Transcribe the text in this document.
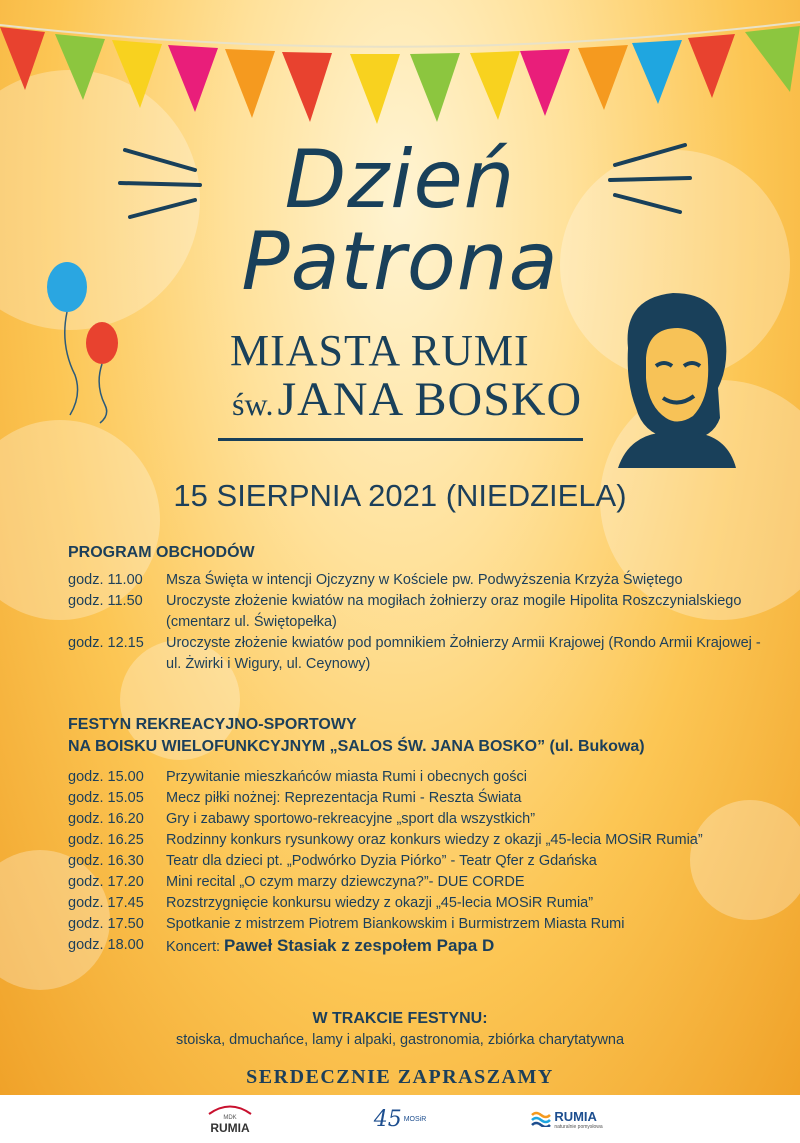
Dzień
Patrona
MIASTA RUMI
św. JANA BOSKO
15 SIERPNIA 2021 (NIEDZIELA)
PROGRAM OBCHODÓW
godz. 11.00	Msza Święta w intencji Ojczyzny w Kościele pw. Podwyższenia Krzyża Świętego
godz. 11.50	Uroczyste złożenie kwiatów na mogiłach żołnierzy oraz mogile Hipolita Roszczynialskiego (cmentarz ul. Świętopełka)
godz. 12.15	Uroczyste złożenie kwiatów pod pomnikiem Żołnierzy Armii Krajowej (Rondo Armii Krajowej - ul. Żwirki i Wigury, ul. Ceynowy)
FESTYN REKREACYJNO-SPORTOWY
NA BOISKU WIELOFUNKCYJNYM „SALOS ŚW. JANA BOSKO” (ul. Bukowa)
godz. 15.00	Przywitanie mieszkańców miasta Rumi i obecnych gości
godz. 15.05	Mecz piłki nożnej: Reprezentacja Rumi - Reszta Świata
godz. 16.20	Gry i zabawy sportowo-rekreacyjne „sport dla wszystkich”
godz. 16.25	Rodzinny konkurs rysunkowy oraz konkurs wiedzy z okazji „45-lecia MOSiR Rumia”
godz. 16.30	Teatr dla dzieci pt. „Podwórko Dyzia Piórko” - Teatr Qfer z Gdańska
godz. 17.20	Mini recital „O czym marzy dziewczyna?”- DUE CORDE
godz. 17.45	Rozstrzygnięcie konkursu wiedzy z okazji „45-lecia MOSiR Rumia”
godz. 17.50	Spotkanie z mistrzem Piotrem Biankowskim i Burmistrzem Miasta Rumi
godz. 18.00	Koncert: Paweł Stasiak z zespołem Papa D
W TRAKCIE FESTYNU:
stoiska, dmuchańce, lamy i alpaki, gastronomia, zbiórka charytatywna
SERDECZNIE ZAPRASZAMY
MDK
RUMIA	45 MOSiR	RUMIA
naturalnie pomysłowa
